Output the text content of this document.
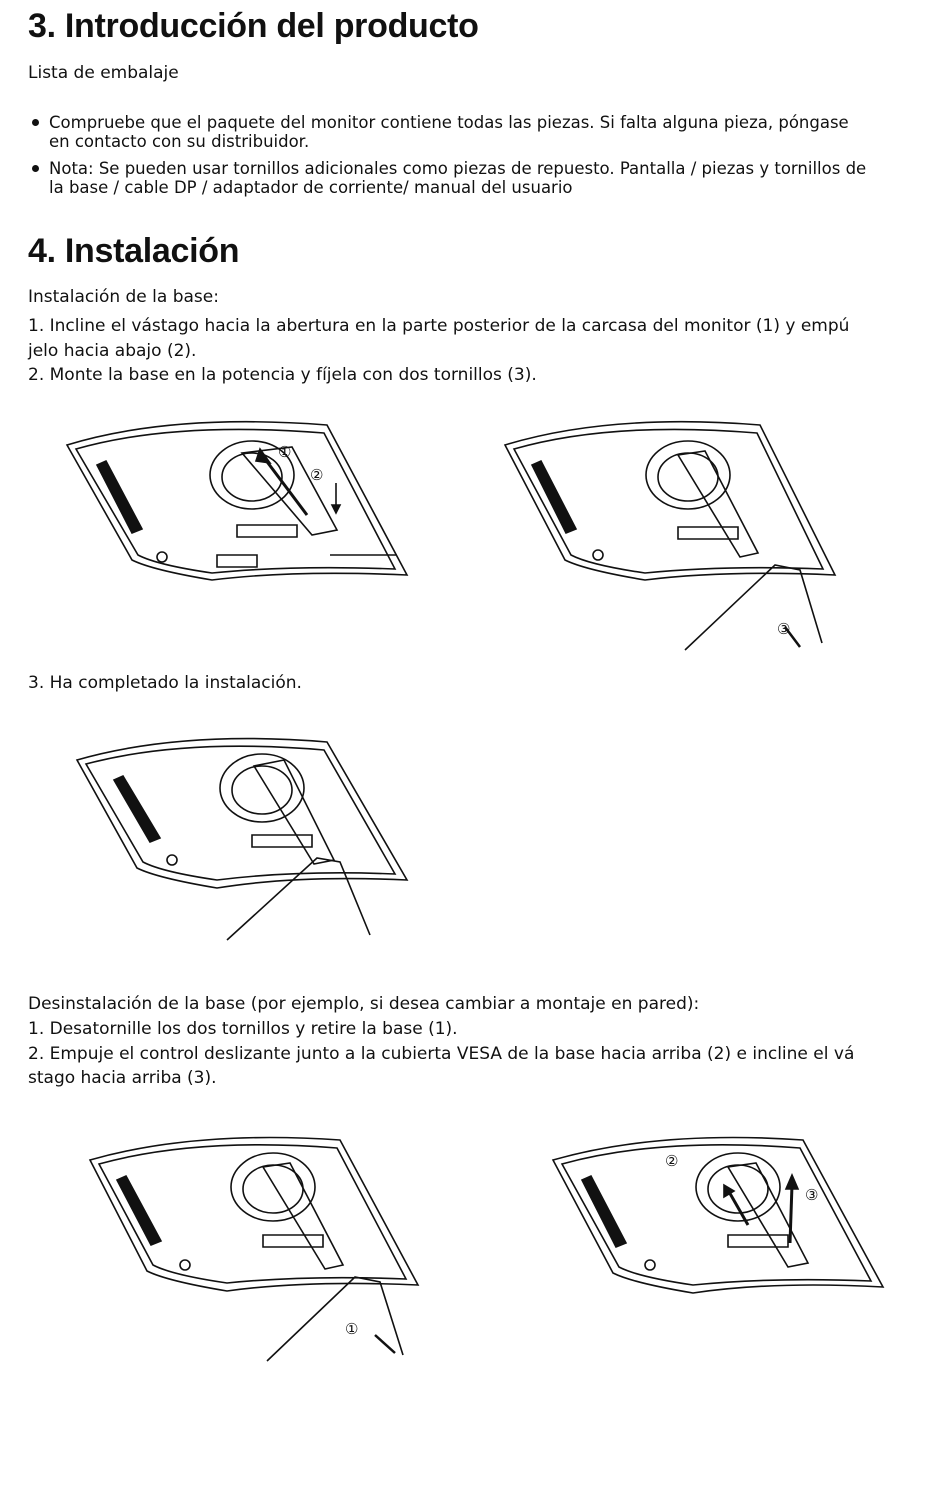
3. Introducción del producto
Lista de embalaje
Compruebe que el paquete del monitor contiene todas las piezas. Si falta alguna pieza, póngase
en contacto con su distribuidor.
Nota: Se pueden usar tornillos adicionales como piezas de repuesto. Pantalla / piezas y tornillos de
la base / cable DP / adaptador de corriente/ manual del usuario
4. Instalación
Instalación de la base:
1. Incline el vástago hacia la abertura en la parte posterior de la carcasa del monitor (1) y empú
jelo hacia abajo (2).
2. Monte la base en la potencia y fíjela con dos tornillos (3).
①
②
③
3. Ha completado la instalación.
Desinstalación de la base (por ejemplo, si desea cambiar a montaje en pared):
1. Desatornille los dos tornillos y retire la base (1).
2. Empuje el control deslizante junto a la cubierta VESA de la base hacia arriba (2) e incline el vá
stago hacia arriba (3).
①
②
③
